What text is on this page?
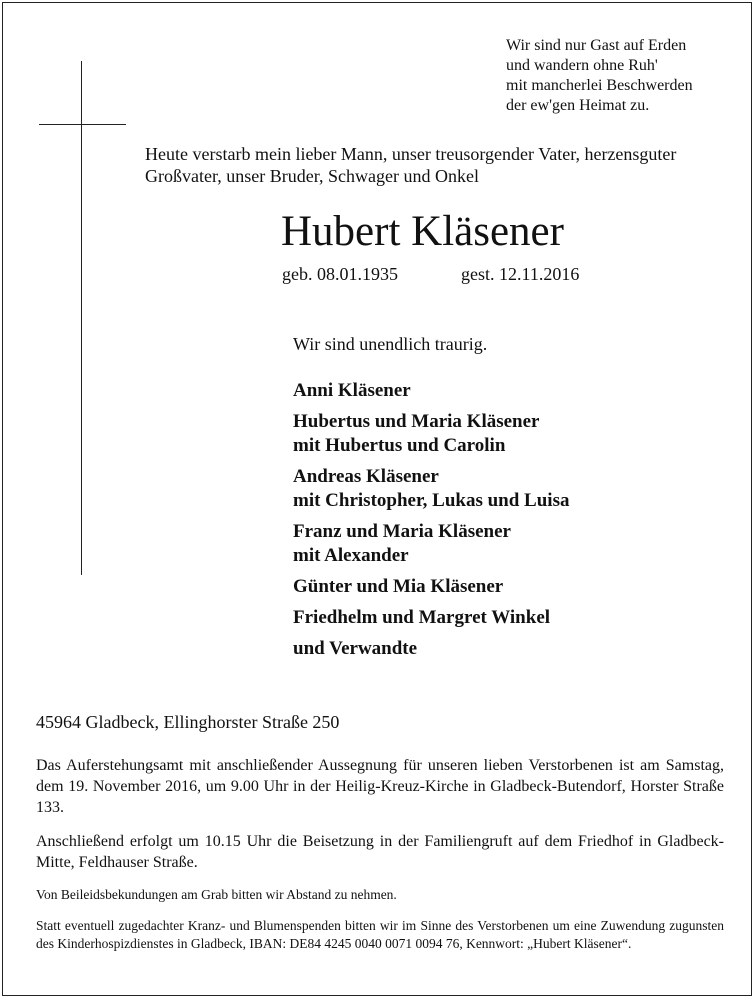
Wir sind nur Gast auf Erden
und wandern ohne Ruh'
mit mancherlei Beschwerden
der ew'gen Heimat zu.
Heute verstarb mein lieber Mann, unser treusorgender Vater, herzensguter
Großvater, unser Bruder, Schwager und Onkel
Hubert Kläsener
geb. 08.01.1935	gest. 12.11.2016
Wir sind unendlich traurig.
Anni Kläsener
Hubertus und Maria Kläsener
mit Hubertus und Carolin
Andreas Kläsener
mit Christopher, Lukas und Luisa
Franz und Maria Kläsener
mit Alexander
Günter und Mia Kläsener
Friedhelm und Margret Winkel
und Verwandte
45964 Gladbeck, Ellinghorster Straße 250
Das Auferstehungsamt mit anschließender Aussegnung für unseren lieben Verstorbenen ist am Samstag, dem 19. November 2016, um 9.00 Uhr in der Heilig-Kreuz-Kirche in Gladbeck-Butendorf, Horster Straße 133.
Anschließend erfolgt um 10.15 Uhr die Beisetzung in der Familiengruft auf dem Friedhof in Gladbeck-Mitte, Feldhauser Straße.
Von Beileidsbekundungen am Grab bitten wir Abstand zu nehmen.
Statt eventuell zugedachter Kranz- und Blumenspenden bitten wir im Sinne des Verstorbenen um eine Zuwendung zugunsten des Kinderhospizdienstes in Gladbeck, IBAN: DE84 4245 0040 0071 0094 76, Kennwort: „Hubert Kläsener“.
